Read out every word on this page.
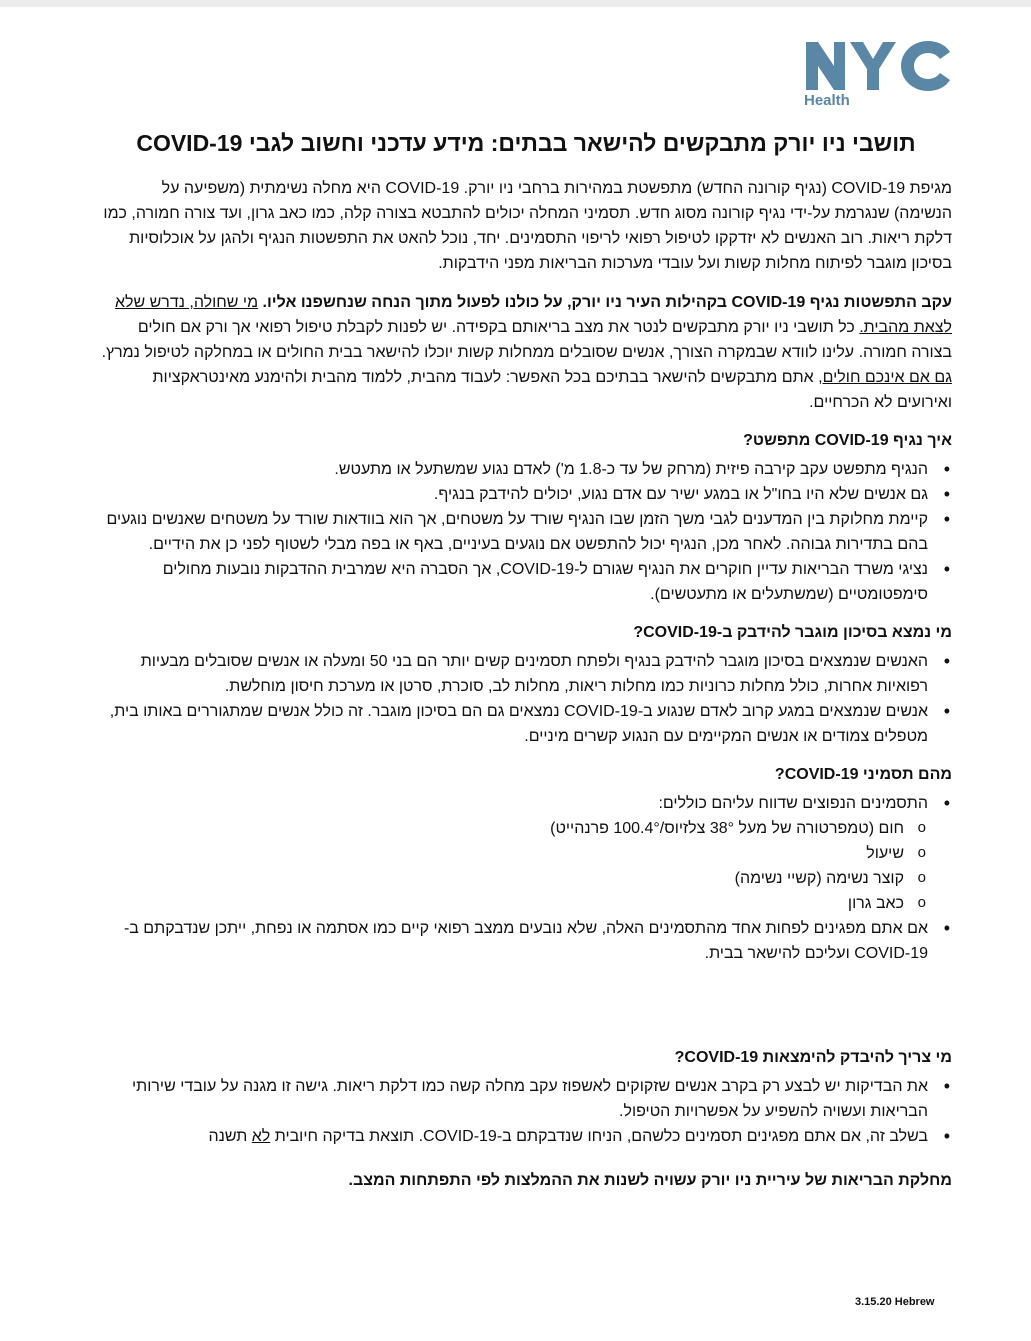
Health
תושבי ניו יורק מתבקשים להישאר בבתים: מידע עדכני וחשוב לגבי COVID-19

מגיפת COVID-19 (נגיף קורונה החדש) מתפשטת במהירות ברחבי ניו יורק. COVID-19 היא מחלה נשימתית (משפיעה על הנשימה) שנגרמת על-ידי נגיף קורונה מסוג חדש. תסמיני המחלה יכולים להתבטא בצורה קלה, כמו כאב גרון, ועד צורה חמורה, כמו דלקת ריאות. רוב האנשים לא יזדקקו לטיפול רפואי לריפוי התסמינים. יחד, נוכל להאט את התפשטות הנגיף ולהגן על אוכלוסיות בסיכון מוגבר לפיתוח מחלות קשות ועל עובדי מערכות הבריאות מפני הידבקות.

עקב התפשטות נגיף COVID-19 בקהילות העיר ניו יורק, על כולנו לפעול מתוך הנחה שנחשפנו אליו. מי שחולה, נדרש שלא לצאת מהבית. כל תושבי ניו יורק מתבקשים לנטר את מצב בריאותם בקפידה. יש לפנות לקבלת טיפול רפואי אך ורק אם חולים בצורה חמורה. עלינו לוודא שבמקרה הצורך, אנשים שסובלים ממחלות קשות יוכלו להישאר בבית החולים או במחלקה לטיפול נמרץ. גם אם אינכם חולים, אתם מתבקשים להישאר בבתיכם בכל האפשר: לעבוד מהבית, ללמוד מהבית ולהימנע מאינטראקציות ואירועים לא הכרחיים.

איך נגיף COVID-19 מתפשט?
• הנגיף מתפשט עקב קירבה פיזית (מרחק של עד כ-1.8 מ') לאדם נגוע שמשתעל או מתעטש.
• גם אנשים שלא היו בחו"ל או במגע ישיר עם אדם נגוע, יכולים להידבק בנגיף.
• קיימת מחלוקת בין המדענים לגבי משך הזמן שבו הנגיף שורד על משטחים, אך הוא בוודאות שורד על משטחים שאנשים נוגעים בהם בתדירות גבוהה. לאחר מכן, הנגיף יכול להתפשט אם נוגעים בעיניים, באף או בפה מבלי לשטוף לפני כן את הידיים.
• נציגי משרד הבריאות עדיין חוקרים את הנגיף שגורם ל-COVID-19, אך הסברה היא שמרבית ההדבקות נובעות מחולים סימפטומטיים (שמשתעלים או מתעטשים).
מי נמצא בסיכון מוגבר להידבק ב-COVID-19?
• האנשים שנמצאים בסיכון מוגבר להידבק בנגיף ולפתח תסמינים קשים יותר הם בני 50 ומעלה או אנשים שסובלים מבעיות רפואיות אחרות, כולל מחלות כרוניות כמו מחלות ריאות, מחלות לב, סוכרת, סרטן או מערכת חיסון מוחלשת.
• אנשים שנמצאים במגע קרוב לאדם שנגוע ב-COVID-19 נמצאים גם הם בסיכון מוגבר. זה כולל אנשים שמתגוררים באותו בית, מטפלים צמודים או אנשים המקיימים עם הנגוע קשרים מיניים.
מהם תסמיני COVID-19?
• התסמינים הנפוצים שדווח עליהם כוללים:
o חום (טמפרטורה של מעל 38° צלזיוס/100.4° פרנהייט)
o שיעול
o קוצר נשימה (קשיי נשימה)
o כאב גרון
• אם אתם מפגינים לפחות אחד מהתסמינים האלה, שלא נובעים ממצב רפואי קיים כמו אסתמה או נפחת, ייתכן שנדבקתם ב-COVID-19 ועליכם להישאר בבית.
מי צריך להיבדק להימצאות COVID-19?
• את הבדיקות יש לבצע רק בקרב אנשים שזקוקים לאשפוז עקב מחלה קשה כמו דלקת ריאות. גישה זו מגנה על עובדי שירותי הבריאות ועשויה להשפיע על אפשרויות הטיפול.
• בשלב זה, אם אתם מפגינים תסמינים כלשהם, הניחו שנדבקתם ב-COVID-19. תוצאת בדיקה חיובית לא תשנה
מחלקת הבריאות של עיריית ניו יורק עשויה לשנות את ההמלצות לפי התפתחות המצב.
3.15.20 Hebrew
